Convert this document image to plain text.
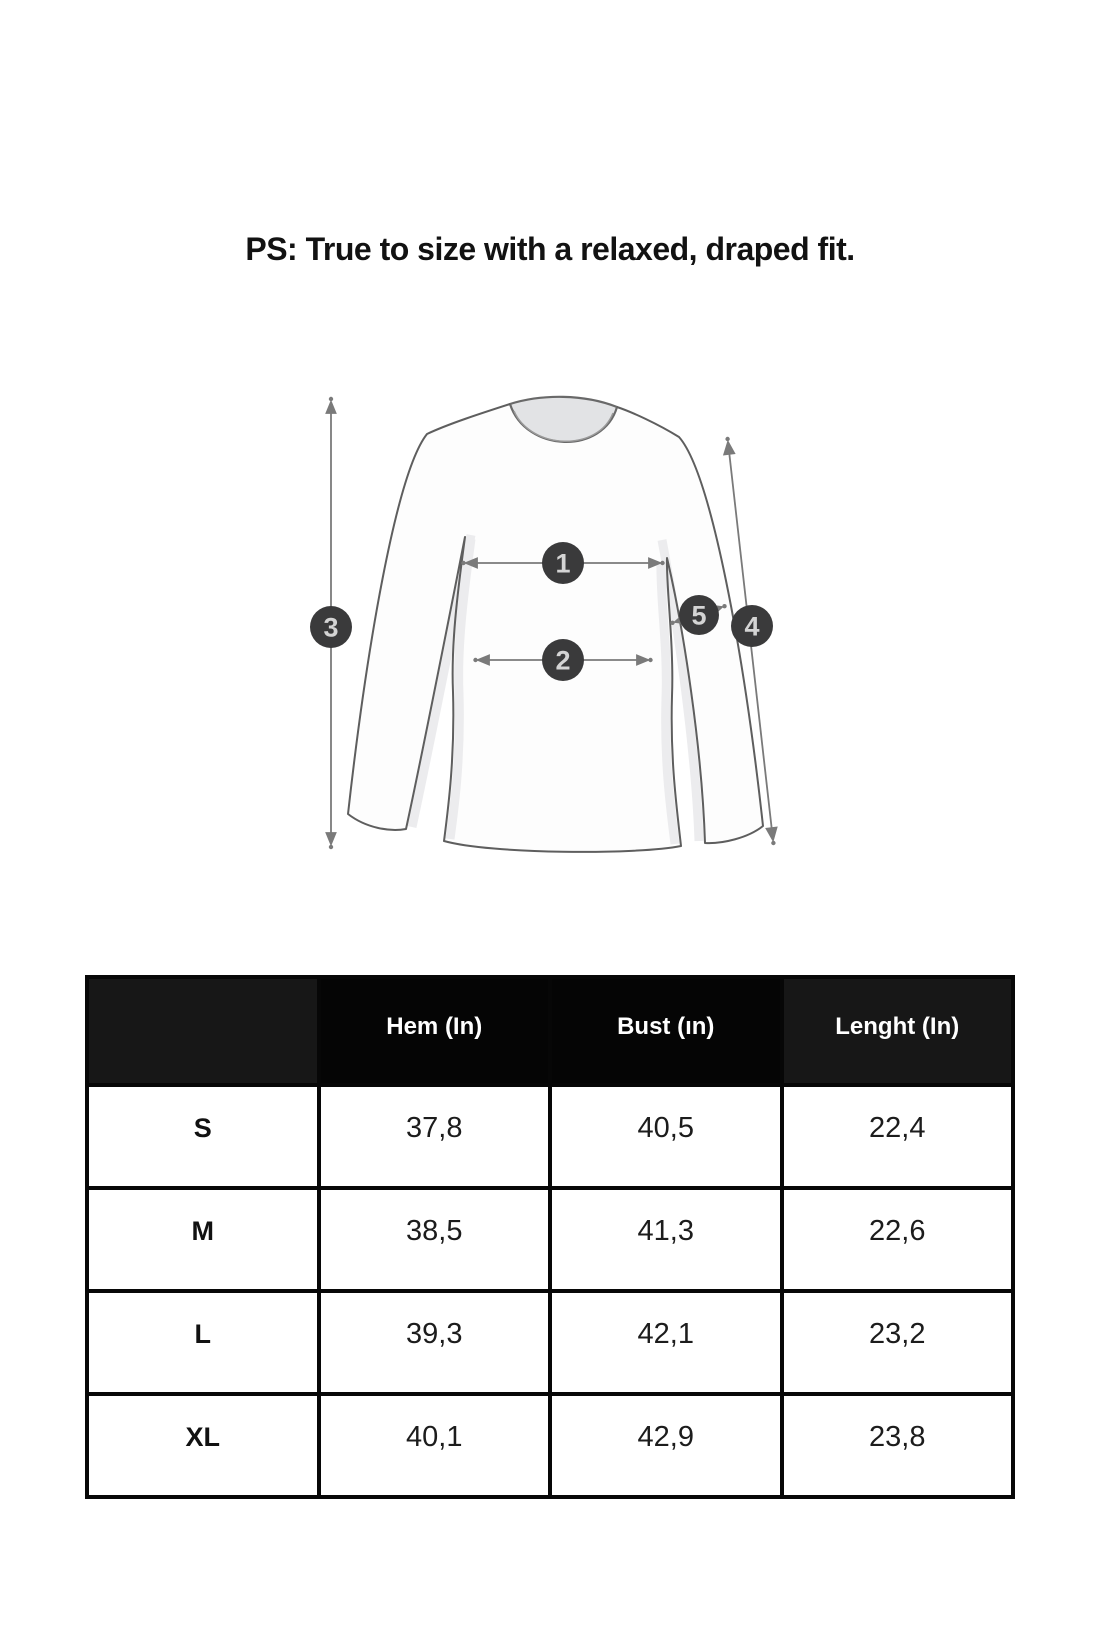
PS: True to size with a relaxed, draped fit.
1
2
3	4
5
	Hem (In)	Bust (ın)	Lenght (In)
S	37,8	40,5	22,4
M	38,5	41,3	22,6
L	39,3	42,1	23,2
XL	40,1	42,9	23,8
